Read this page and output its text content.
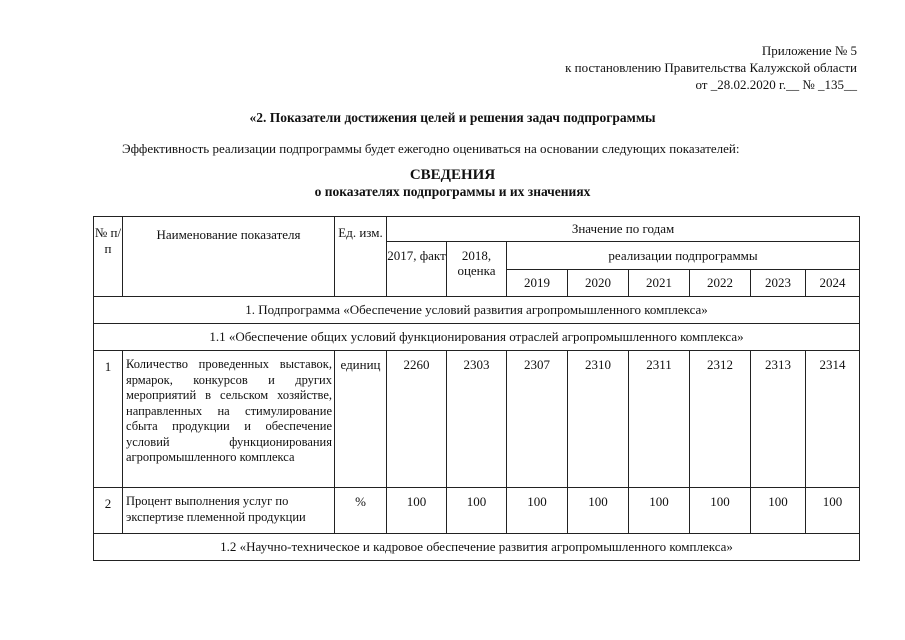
Приложение № 5
к постановлению Правительства Калужской области
от _28.02.2020 г.__ № _135__
«2. Показатели достижения целей и решения задач подпрограммы
Эффективность реализации подпрограммы будет ежегодно оцениваться на основании следующих показателей:
СВЕДЕНИЯ
о показателях подпрограммы и их значениях
№ п/п	Наименование показателя	Ед. изм.	Значение по годам							
			2017, факт	2018, оценка	реализации подпрограммы					
					2019	2020	2021	2022	2023	2024
1. Подпрограмма «Обеспечение условий развития агропромышленного комплекса»										
1.1 «Обеспечение общих условий функционирования отраслей агропромышленного комплекса»										
1	Количество проведенных выставок, ярмарок, конкурсов и других мероприятий в сельском хозяйстве, направленных на стимулирование сбыта продукции и обеспечение условий функционирования агропромышленного комплекса	единиц	2260	2303	2307	2310	2311	2312	2313	2314
2	Процент выполнения услуг по экспертизе племенной продукции	%	100	100	100	100	100	100	100	100
1.2 «Научно-техническое и кадровое обеспечение развития агропромышленного комплекса»										
